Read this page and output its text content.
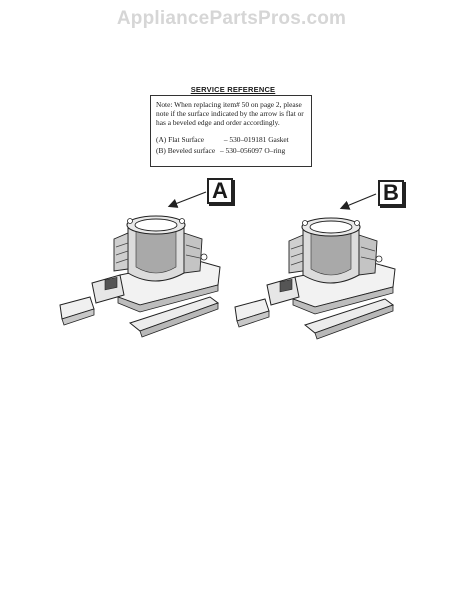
AppliancePartsPros.com
SERVICE REFERENCE

Note: When replacing item# 50 on page 2, please note if the surface indicated by the arrow is flat or has a beveled edge and order accordingly.

(A) Flat Surface	– 530–019181 Gasket

(B) Beveled surface – 530–056097 O–ring

A	B
